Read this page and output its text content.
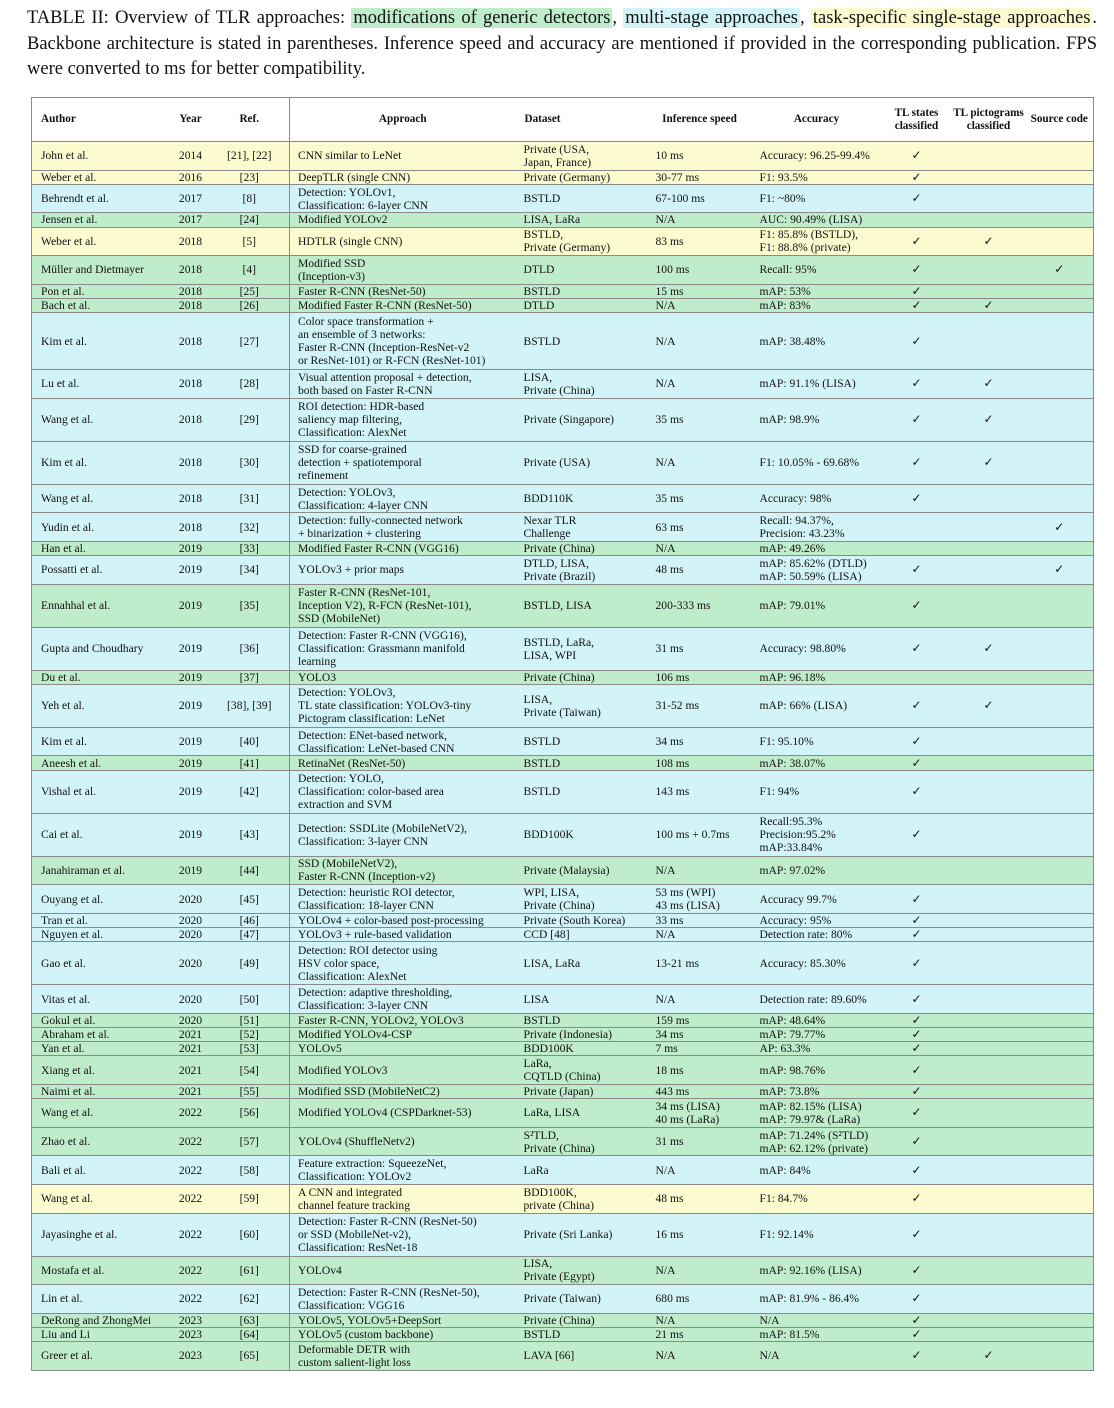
TABLE II: Overview of TLR approaches: modifications of generic detectors , multi-stage approaches , task-specific single-stage approaches . Backbone architecture is stated in parentheses. Inference speed and accuracy are mentioned if provided in the corresponding publication. FPS were converted to ms for better compatibility.
Author	Year	Ref.	Approach	Dataset	Inference speed	Accuracy	TL states classified	TL pictograms classified	Source code
John et al.	2014	[21], [22]	CNN similar to LeNet	Private (USA,
Japan, France)	10 ms	Accuracy: 96.25-99.4%	✓		
Weber et al.	2016	[23]	DeepTLR (single CNN)	Private (Germany)	30-77 ms	F1: 93.5%	✓		
Behrendt et al.	2017	[8]	Detection: YOLOv1,
Classification: 6-layer CNN	BSTLD	67-100 ms	F1: ~80%	✓		
Jensen et al.	2017	[24]	Modified YOLOv2	LISA, LaRa	N/A	AUC: 90.49% (LISA)			
Weber et al.	2018	[5]	HDTLR (single CNN)	BSTLD,
Private (Germany)	83 ms	F1: 85.8% (BSTLD),
F1: 88.8% (private)	✓	✓	
Müller and Dietmayer	2018	[4]	Modified SSD
(Inception-v3)	DTLD	100 ms	Recall: 95%	✓		✓
Pon et al.	2018	[25]	Faster R-CNN (ResNet-50)	BSTLD	15 ms	mAP: 53%	✓		
Bach et al.	2018	[26]	Modified Faster R-CNN (ResNet-50)	DTLD	N/A	mAP: 83%	✓	✓	
Kim et al.	2018	[27]	Color space transformation +
an ensemble of 3 networks:
Faster R-CNN (Inception-ResNet-v2
or ResNet-101) or R-FCN (ResNet-101)	BSTLD	N/A	mAP: 38.48%	✓		
Lu et al.	2018	[28]	Visual attention proposal + detection,
both based on Faster R-CNN	LISA,
Private (China)	N/A	mAP: 91.1% (LISA)	✓	✓	
Wang et al.	2018	[29]	ROI detection: HDR-based
saliency map filtering,
Classification: AlexNet	Private (Singapore)	35 ms	mAP: 98.9%	✓	✓	
Kim et al.	2018	[30]	SSD for coarse-grained
detection + spatiotemporal
refinement	Private (USA)	N/A	F1: 10.05% - 69.68%	✓	✓	
Wang et al.	2018	[31]	Detection: YOLOv3,
Classification: 4-layer CNN	BDD110K	35 ms	Accuracy: 98%	✓		
Yudin et al.	2018	[32]	Detection: fully-connected network
+ binarization + clustering	Nexar TLR
Challenge	63 ms	Recall: 94.37%,
Precision: 43.23%			✓
Han et al.	2019	[33]	Modified Faster R-CNN (VGG16)	Private (China)	N/A	mAP: 49.26%			
Possatti et al.	2019	[34]	YOLOv3 + prior maps	DTLD, LISA,
Private (Brazil)	48 ms	mAP: 85.62% (DTLD)
mAP: 50.59% (LISA)	✓		✓
Ennahhal et al.	2019	[35]	Faster R-CNN (ResNet-101,
Inception V2), R-FCN (ResNet-101),
SSD (MobileNet)	BSTLD, LISA	200-333 ms	mAP: 79.01%	✓		
Gupta and Choudhary	2019	[36]	Detection: Faster R-CNN (VGG16),
Classification: Grassmann manifold
learning	BSTLD, LaRa,
LISA, WPI	31 ms	Accuracy: 98.80%	✓	✓	
Du et al.	2019	[37]	YOLO3	Private (China)	106 ms	mAP: 96.18%			
Yeh et al.	2019	[38], [39]	Detection: YOLOv3,
TL state classification: YOLOv3-tiny
Pictogram classification: LeNet	LISA,
Private (Taiwan)	31-52 ms	mAP: 66% (LISA)	✓	✓	
Kim et al.	2019	[40]	Detection: ENet-based network,
Classification: LeNet-based CNN	BSTLD	34 ms	F1: 95.10%	✓		
Aneesh et al.	2019	[41]	RetinaNet (ResNet-50)	BSTLD	108 ms	mAP: 38.07%	✓		
Vishal et al.	2019	[42]	Detection: YOLO,
Classification: color-based area
extraction and SVM	BSTLD	143 ms	F1: 94%	✓		
Cai et al.	2019	[43]	Detection: SSDLite (MobileNetV2),
Classification: 3-layer CNN	BDD100K	100 ms + 0.7ms	Recall:95.3%
Precision:95.2%
mAP:33.84%	✓		
Janahiraman et al.	2019	[44]	SSD (MobileNetV2),
Faster R-CNN (Inception-v2)	Private (Malaysia)	N/A	mAP: 97.02%			
Ouyang et al.	2020	[45]	Detection: heuristic ROI detector,
Classification: 18-layer CNN	WPI, LISA,
Private (China)	53 ms (WPI)
43 ms (LISA)	Accuracy 99.7%	✓		
Tran et al.	2020	[46]	YOLOv4 + color-based post-processing	Private (South Korea)	33 ms	Accuracy: 95%	✓		
Nguyen et al.	2020	[47]	YOLOv3 + rule-based validation	CCD [48]	N/A	Detection rate: 80%	✓		
Gao et al.	2020	[49]	Detection: ROI detector using
HSV color space,
Classification: AlexNet	LISA, LaRa	13-21 ms	Accuracy: 85.30%	✓		
Vitas et al.	2020	[50]	Detection: adaptive thresholding,
Classification: 3-layer CNN	LISA	N/A	Detection rate: 89.60%	✓		
Gokul et al.	2020	[51]	Faster R-CNN, YOLOv2, YOLOv3	BSTLD	159 ms	mAP: 48.64%	✓		
Abraham et al.	2021	[52]	Modified YOLOv4-CSP	Private (Indonesia)	34 ms	mAP: 79.77%	✓		
Yan et al.	2021	[53]	YOLOv5	BDD100K	7 ms	AP: 63.3%	✓		
Xiang et al.	2021	[54]	Modified YOLOv3	LaRa,
CQTLD (China)	18 ms	mAP: 98.76%	✓		
Naimi et al.	2021	[55]	Modified SSD (MobileNetC2)	Private (Japan)	443 ms	mAP: 73.8%	✓		
Wang et al.	2022	[56]	Modified YOLOv4 (CSPDarknet-53)	LaRa, LISA	34 ms (LISA)
40 ms (LaRa)	mAP: 82.15% (LISA)
mAP: 79.97& (LaRa)	✓		
Zhao et al.	2022	[57]	YOLOv4 (ShuffleNetv2)	S²TLD,
Private (China)	31 ms	mAP: 71.24% (S²TLD)
mAP: 62.12% (private)	✓		
Bali et al.	2022	[58]	Feature extraction: SqueezeNet,
Classification: YOLOv2	LaRa	N/A	mAP: 84%	✓		
Wang et al.	2022	[59]	A CNN and integrated
channel feature tracking	BDD100K,
private (China)	48 ms	F1: 84.7%	✓		
Jayasinghe et al.	2022	[60]	Detection: Faster R-CNN (ResNet-50)
or SSD (MobileNet-v2),
Classification: ResNet-18	Private (Sri Lanka)	16 ms	F1: 92.14%	✓		
Mostafa et al.	2022	[61]	YOLOv4	LISA,
Private (Egypt)	N/A	mAP: 92.16% (LISA)	✓		
Lin et al.	2022	[62]	Detection: Faster R-CNN (ResNet-50),
Classification: VGG16	Private (Taiwan)	680 ms	mAP: 81.9% - 86.4%	✓		
DeRong and ZhongMei	2023	[63]	YOLOv5, YOLOv5+DeepSort	Private (China)	N/A	N/A	✓		
Liu and Li	2023	[64]	YOLOv5 (custom backbone)	BSTLD	21 ms	mAP: 81.5%	✓		
Greer et al.	2023	[65]	Deformable DETR with
custom salient-light loss	LAVA [66]	N/A	N/A	✓	✓	
